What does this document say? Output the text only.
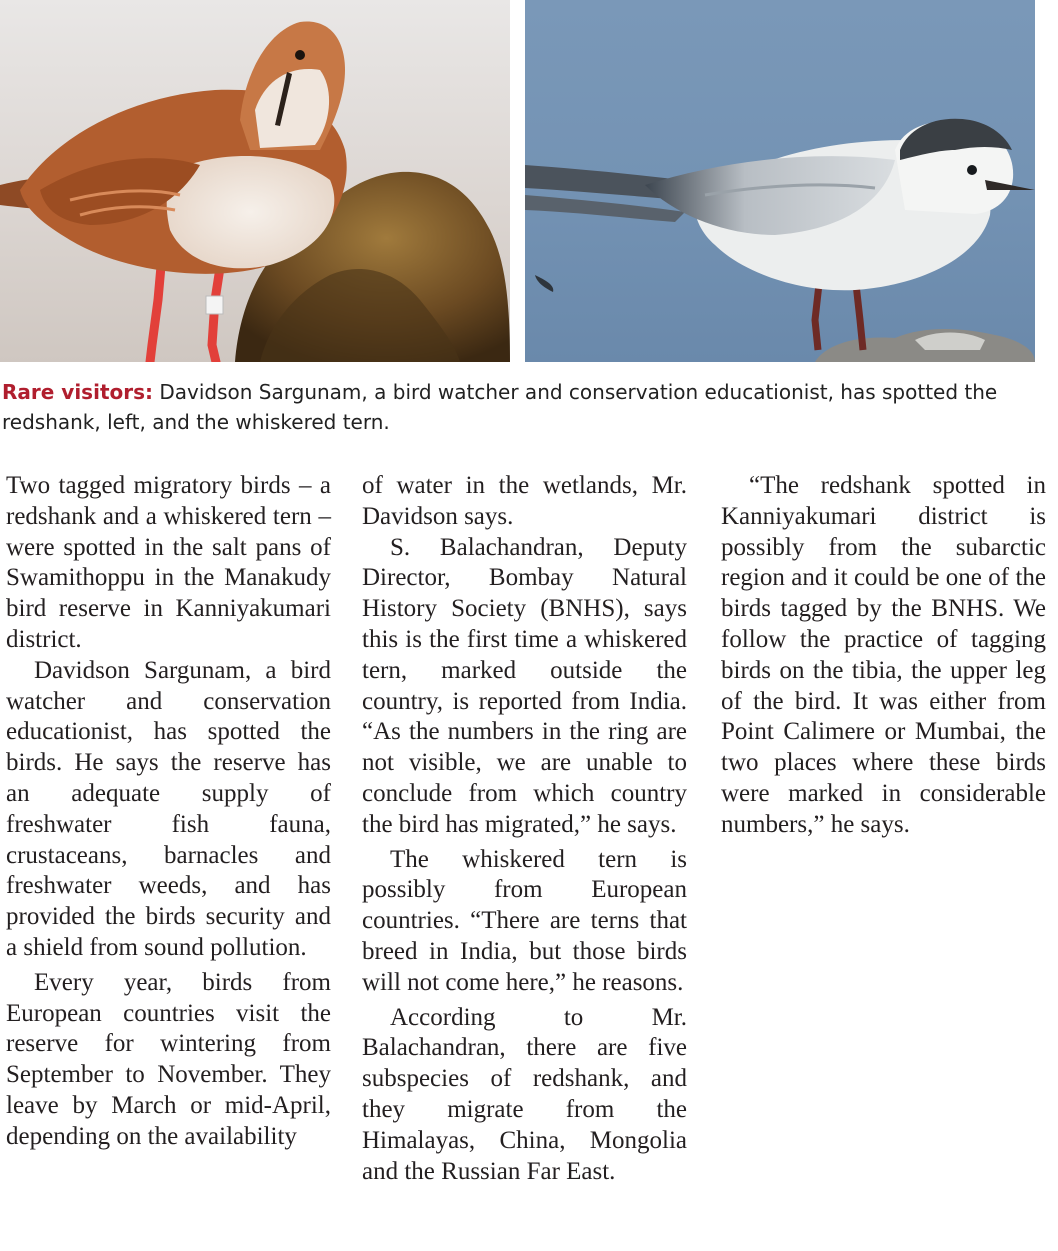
Rare visitors: Davidson Sargunam, a bird watcher and conservation educationist, has spotted the redshank, left, and the whiskered tern.

Two tagged migratory birds – a redshank and a whiskered tern – were spotted in the salt pans of Swamithoppu in the Manakudy bird reserve in Kanniyakumari district.

Davidson Sargunam, a bird watcher and conservation educationist, has spotted the birds. He says the reserve has an adequate supply of freshwater fish fauna, crustaceans, barnacles and freshwater weeds, and has provided the birds security and a shield from sound pollution.

Every year, birds from European countries visit the reserve for wintering from September to November. They leave by March or mid-April, depending on the availability

of water in the wetlands, Mr. Davidson says.

S. Balachandran, Deputy Director, Bombay Natural History Society (BNHS), says this is the first time a whiskered tern, marked outside the country, is reported from India. “As the numbers in the ring are not visible, we are unable to conclude from which country the bird has migrated,” he says.

The whiskered tern is possibly from European countries. “There are terns that breed in India, but those birds will not come here,” he reasons.

According to Mr. Balachandran, there are five subspecies of redshank, and they migrate from the Himalayas, China, Mongolia and the Russian Far East.

“The redshank spotted in Kanniyakumari district is possibly from the subarctic region and it could be one of the birds tagged by the BNHS. We follow the practice of tagging birds on the tibia, the upper leg of the bird. It was either from Point Calimere or Mumbai, the two places where these birds were marked in considerable numbers,” he says.
